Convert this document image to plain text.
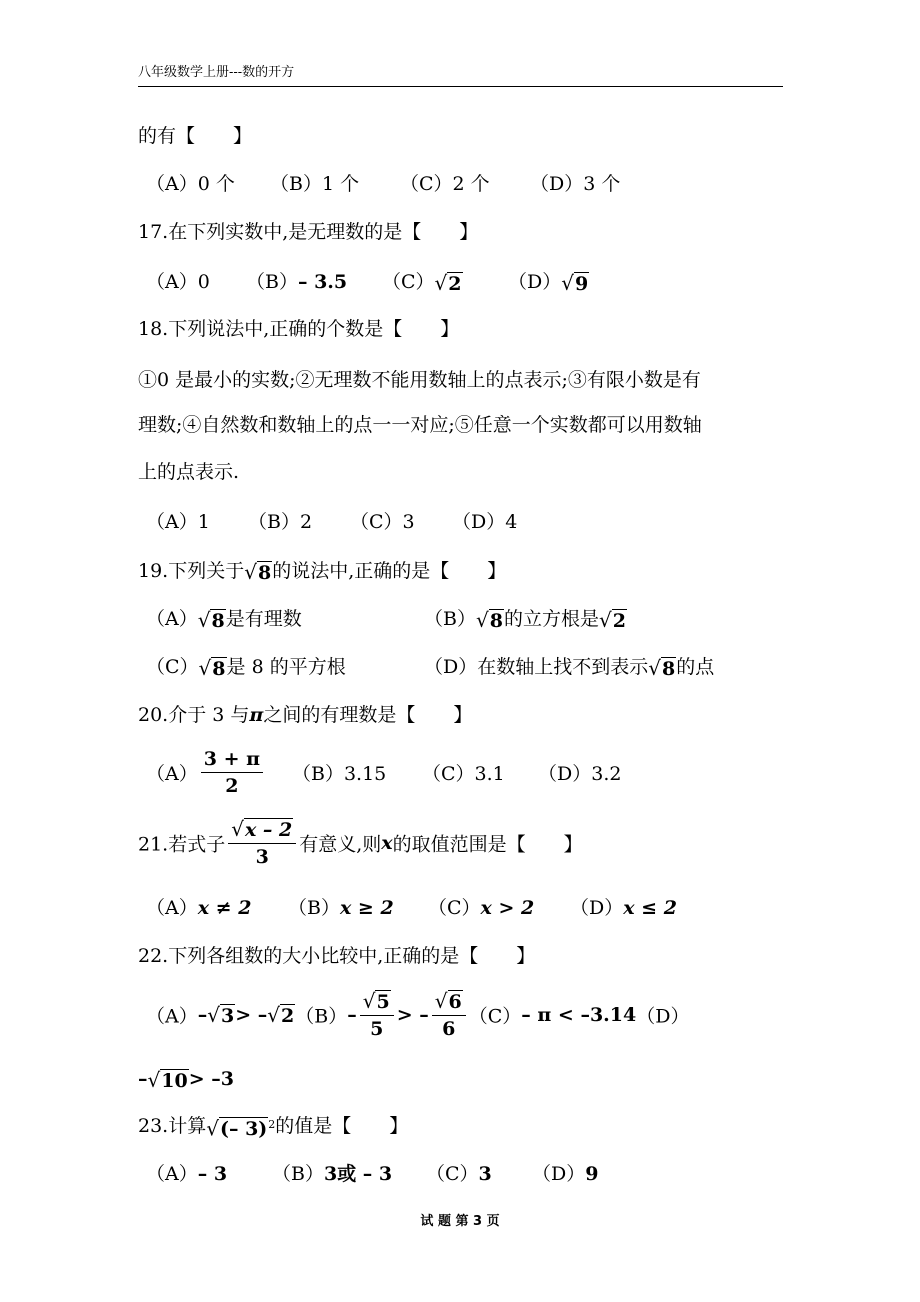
八年级数学上册---数的开方
的有【　　】
（A）0 个 （B）1 个 （C）2 个 （D）3 个
17.在下列实数中,是无理数的是【　　】
（A）0 （B）– 3.5 （C）√2 （D）√9
18.下列说法中,正确的个数是【　　】
①0 是最小的实数;②无理数不能用数轴上的点表示;③有限小数是有
理数;④自然数和数轴上的点一一对应;⑤任意一个实数都可以用数轴
上的点表示.
（A）1 （B）2 （C）3 （D）4
19.下列关于√8的说法中,正确的是【　　】
（A）√8是有理数	（B）√8的立方根是√2
（C）√8是 8 的平方根	（D）在数轴上找不到表示√8的点
20.介于 3 与π之间的有理数是【　　】
$(A) \frac{3 + \pi}{2} (B)3.15$ （C）3.1 （D）3.2
21.若式子 $\frac{√x - 2}{3}$ 有意义,则x的取值范围是【　　】
（A）x ≠ 2 （B）x ≥ 2 （C）x > 2 （D）x ≤ 2
22.下列各组数的大小比较中,正确的是【　　】
$(A)-√3> -√2(B)- \frac{√5}{5}$ > – $\frac{√6}{6} (C)-$ π < –3.14（D）
–√10> –3
23.计算√(– 3)$^2$的值是【　　】
（A）– 3 （B）3或 – 3 （C）3 （D）9
试 题 第 3 页
